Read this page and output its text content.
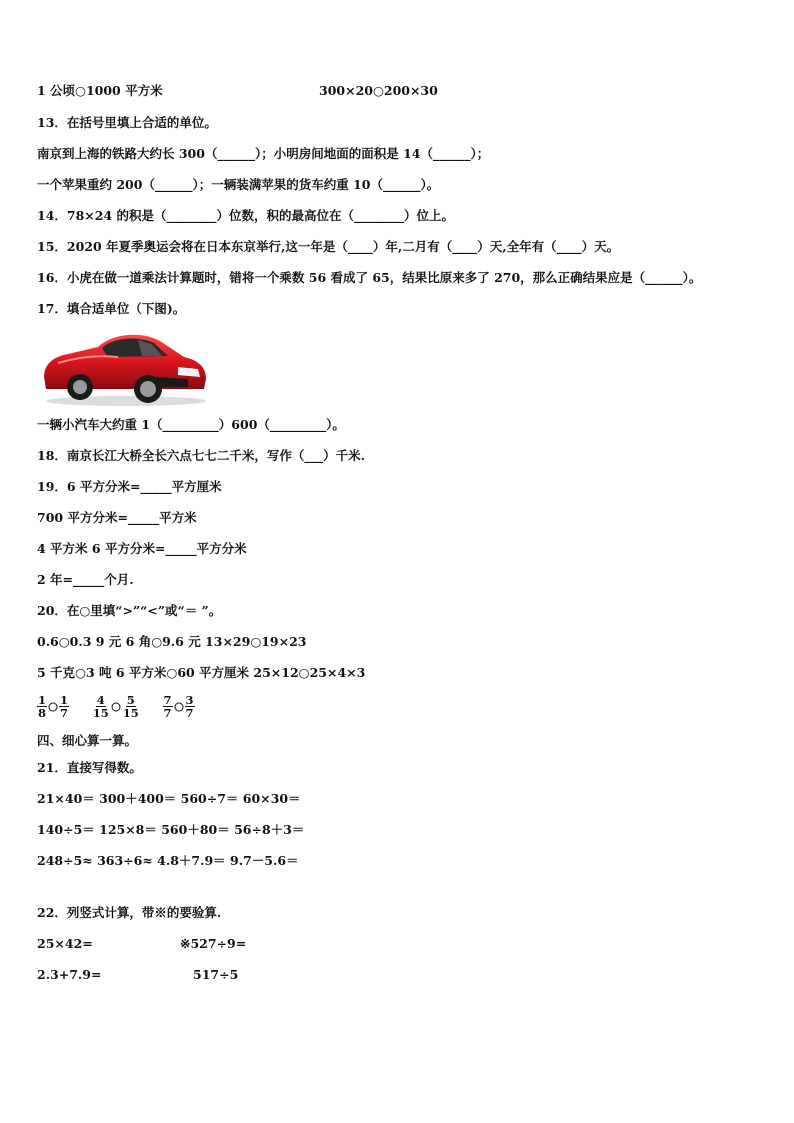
1 公顷○1000 平方米	300×20○200×30
13．在括号里填上合适的单位。
南京到上海的铁路大约长 300（______）；小明房间地面的面积是 14（______）；
一个苹果重约 200（______）；一辆装满苹果的货车约重 10（______）。
14．78×24 的积是（________）位数，积的最高位在（________）位上。
15．2020 年夏季奥运会将在日本东京举行,这一年是（____）年,二月有（____）天,全年有（____）天。
16．小虎在做一道乘法计算题时，错将一个乘数 56 看成了 65，结果比原来多了 270，那么正确结果应是（______）。
17．填合适单位（下图)。
一辆小汽车大约重 1（_________）600（_________）。
18．南京长江大桥全长六点七七二千米，写作（___）千米.
19．6 平方分米=_____平方厘米
700 平方分米=_____平方米
4 平方米 6 平方分米=_____平方分米
2 年=_____个月.
20．在○里填“>”“<”或“＝ ”。
0.6○0.3 9 元 6 角○9.6 元 13×29○19×23
5 千克○3 吨 6 平方米○60 平方厘米 25×12○25×4×3
$\frac{1}{8} \frac{1}{7}$
$\frac{4}{15} \frac{5}{15}$
$\frac{7}{7} \frac{3}{7}$
四、细心算一算。
21．直接写得数。
21×40＝ 300＋400＝ 560÷7＝ 60×30＝
140÷5＝ 125×8＝ 560＋80＝ 56÷8＋3＝
248÷5≈ 363÷6≈ 4.8＋7.9＝ 9.7－5.6＝
22．列竖式计算，带※的要验算.
25×42=	※527÷9=
2.3+7.9=	517÷5
